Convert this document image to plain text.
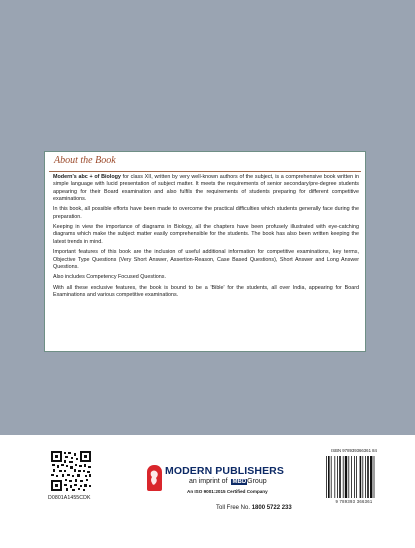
About the Book

Modern's abc + of Biology for class XII, written by very well-known authors of the subject, is a comprehensive book written in simple language with lucid presentation of subject matter. It meets the requirements of senior secondary/pre-degree students appearing for their Board examination and also fulfils the requirements of students preparing for different competitive examinations.

In this book, all possible efforts have been made to overcome the practical difficulties which students generally face during the preparation.

Keeping in view the importance of diagrams in Biology, all the chapters have been profusely illustrated with eye-catching diagrams which make the subject matter easily comprehensible for the students. The book has also been written keeping the latest trends in mind.

Important features of this book are the inclusion of useful additional information for competitive examinations, key terms, Objective Type Questions (Very Short Answer, Assertion-Reason, Case Based Questions), Short Answer and Long Answer Questions.

Also includes Competency Focused Questions.

With all these exclusive features, the book is bound to be a 'Bible' for the students, all over India, appearing for Board Examinations and various competitive examinations.

D0801A1455CDK
MODERN PUBLISHERS
an imprint of MBDGroup
An ISO 9001:2015 Certified Company
Toll Free No. 1800 5722 233
ISBN 978939366361 84
9 789393 366361
